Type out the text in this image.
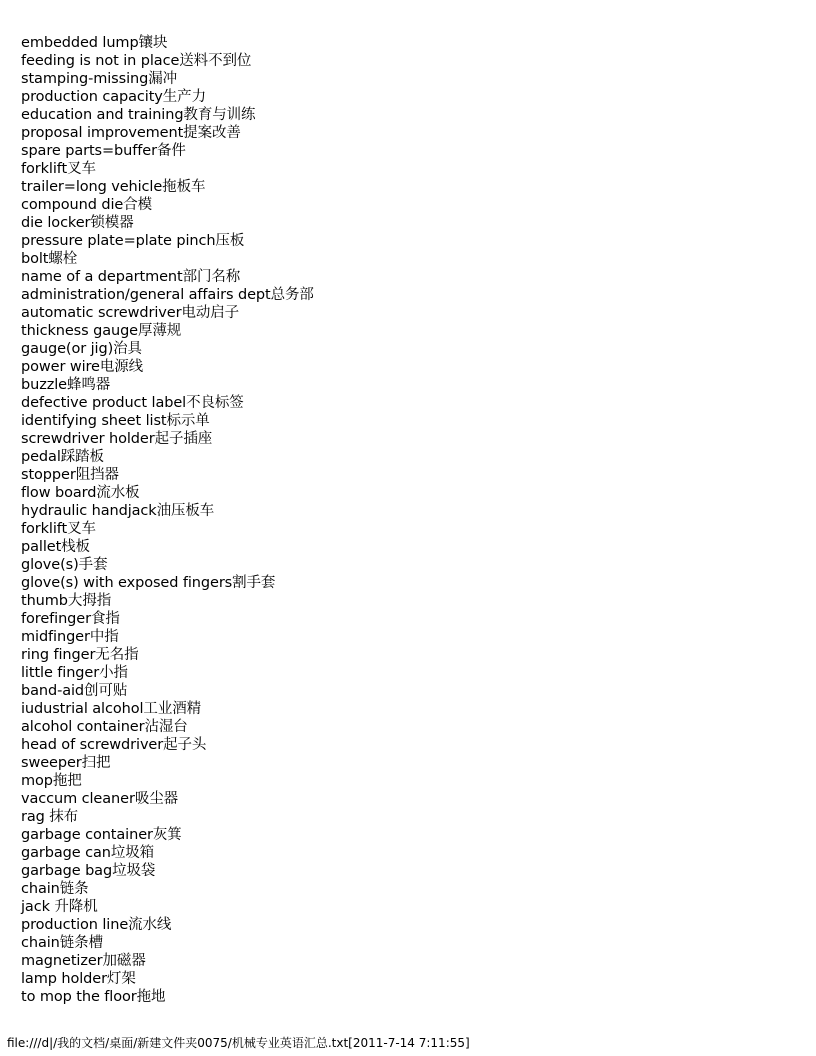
embedded lump镶块
feeding is not in place送料不到位
stamping-missing漏冲
production capacity生产力
education and training教育与训练
proposal improvement提案改善
spare parts=buffer备件
forklift叉车
trailer=long vehicle拖板车
compound die合模
die locker锁模器
pressure plate=plate pinch压板
bolt螺栓
name of a department部门名称
administration/general affairs dept总务部
automatic screwdriver电动启子
thickness gauge厚薄规
gauge(or jig)治具
power wire电源线
buzzle蜂鸣器
defective product label不良标签
identifying sheet list标示单
screwdriver holder起子插座
pedal踩踏板
stopper阻挡器
flow board流水板
hydraulic handjack油压板车
forklift叉车
pallet栈板
glove(s)手套
glove(s) with exposed fingers割手套
thumb大拇指
forefinger食指
midfinger中指
ring finger无名指
little finger小指
band-aid创可贴
iudustrial alcohol工业酒精
alcohol container沾湿台
head of screwdriver起子头
sweeper扫把
mop拖把
vaccum cleaner吸尘器
rag 抹布
garbage container灰箕
garbage can垃圾箱
garbage bag垃圾袋
chain链条
jack 升降机
production line流水线
chain链条槽
magnetizer加磁器
lamp holder灯架
to mop the floor拖地
file:///d|/我的文档/桌面/新建文件夹0075/机械专业英语汇总.txt[2011-7-14 7:11:55]
